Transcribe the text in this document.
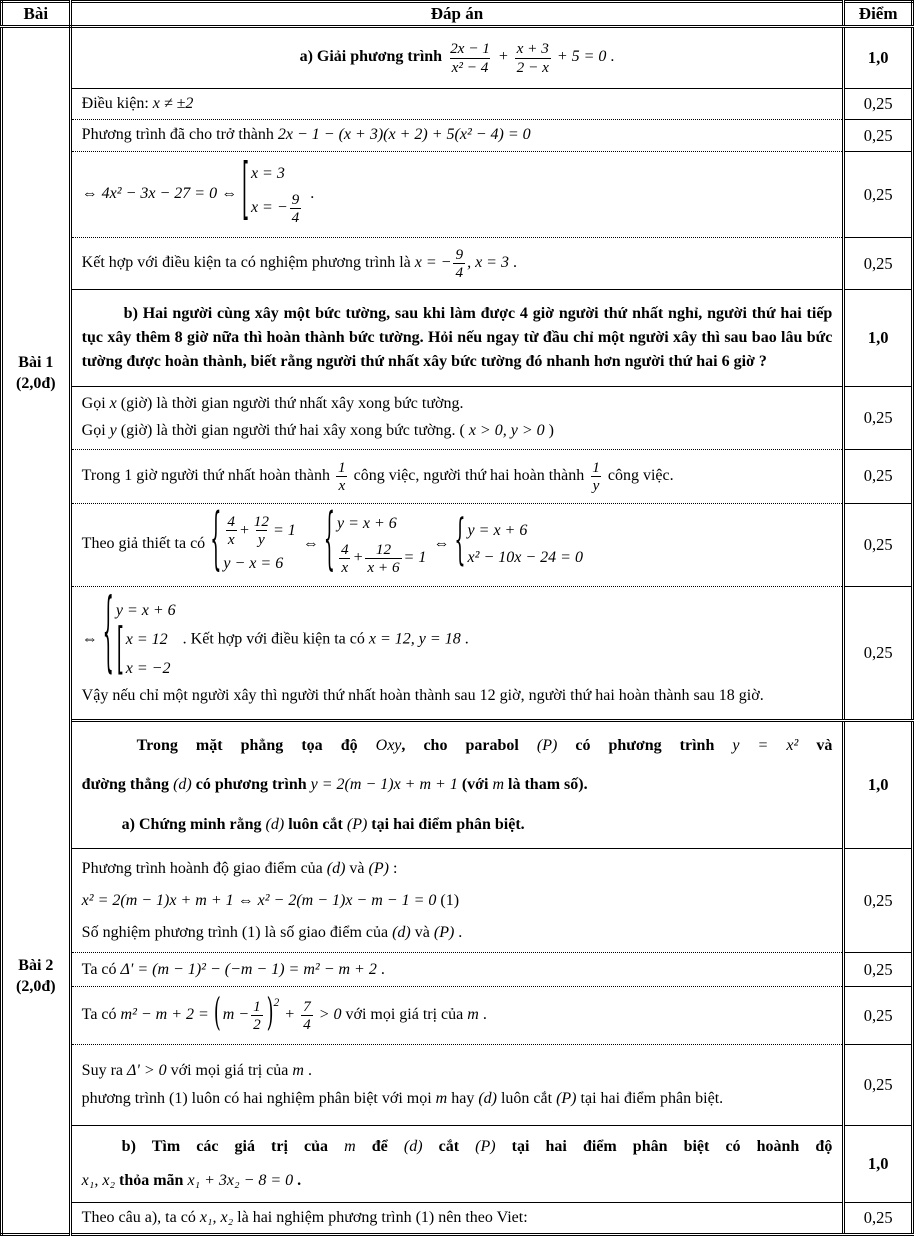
Bài	Đáp án	Điểm

Bài 1
(2,0đ)

a) Giải phương trình $\frac{2x - 1}{\text{x² − 4}} + \frac{x + 3}{2 - x} + 5 = 0$ .	1,0

	Điều kiện: x ≠ ±2	0,25

	Phương trình đã cho trở thành 2x − 1 − (x + 3)(x + 2) + 5(x² − 4) = 0	0,25

⇔ 4x² − 3x − 27 = 0 ⇔ [ x = 3
x = − $\frac{9}{4}$ .	0,25

	Kết hợp với điều kiện ta có nghiệm phương trình là x = − $\frac{9}{4}$ , x = 3 .	0,25

	b) Hai người cùng xây một bức tường, sau khi làm được 4 giờ người thứ nhất nghỉ, người thứ hai tiếp tục xây thêm 8 giờ nữa thì hoàn thành bức tường. Hỏi nếu ngay từ đầu chỉ một người xây thì sau bao lâu bức tường được hoàn thành, biết rằng người thứ nhất xây bức tường đó nhanh hơn người thứ hai 6 giờ ?	1,0

	Gọi x (giờ) là thời gian người thứ nhất xây xong bức tường.
Gọi y (giờ) là thời gian người thứ hai xây xong bức tường. ( x > 0, y > 0 )	0,25

Trong 1 giờ người thứ nhất hoàn thành $\frac{1}{x}$ công việc, người thứ hai hoàn thành $\frac{1}{y}$ công việc.	0,25

Theo giả thiết ta có { $\frac{4}{x} + \frac{12}{y} = 1$
y − x = 6
⇔ { y = x + 6
$\frac{4}{x} + \frac{12}{x + 6} = 1$
⇔ { y = x + 6
x² − 10x − 24 = 0
	0,25

⇔ { y = x + 6
[ x = 12
x = −2
. Kết hợp với điều kiện ta có x = 12, y = 18 .
Vậy nếu chỉ một người xây thì người thứ nhất hoàn thành sau 12 giờ, người thứ hai hoàn thành sau 18 giờ.
	0,25

Bài 2
(2,0đ)

Trong mặt phẳng tọa độ Oxy, cho parabol (P) có phương trình y = x² và
đường thẳng (d) có phương trình y = 2(m − 1)x + m + 1 (với m là tham số).
a) Chứng minh rằng (d) luôn cắt (P) tại hai điểm phân biệt.
	1,0

	Phương trình hoành độ giao điểm của (d) và (P) :
x² = 2(m − 1)x + m + 1 ⇔ x² − 2(m − 1)x − m − 1 = 0 (1)
Số nghiệm phương trình (1) là số giao điểm của (d) và (P) .	0,25

	Ta có Δ' = (m − 1)² − (−m − 1) = m² − m + 2 .	0,25

Ta có m² − m + 2 = ( $m - \frac{1}{2}$ ) 2
+ $\frac{7}{4} > 0$ với mọi giá trị của m .	0,25

	Suy ra Δ' > 0 với mọi giá trị của m .
phương trình (1) luôn có hai nghiệm phân biệt với mọi m hay (d) luôn cắt (P) tại hai điểm phân biệt.	0,25

	b) Tìm các giá trị của m để (d) cắt (P) tại hai điểm phân biệt có hoành độ
x₁, x₂ thỏa mãn x₁ + 3x₂ − 8 = 0 .	1,0

	Theo câu a), ta có x₁, x₂ là hai nghiệm phương trình (1) nên theo Viet:	0,25
